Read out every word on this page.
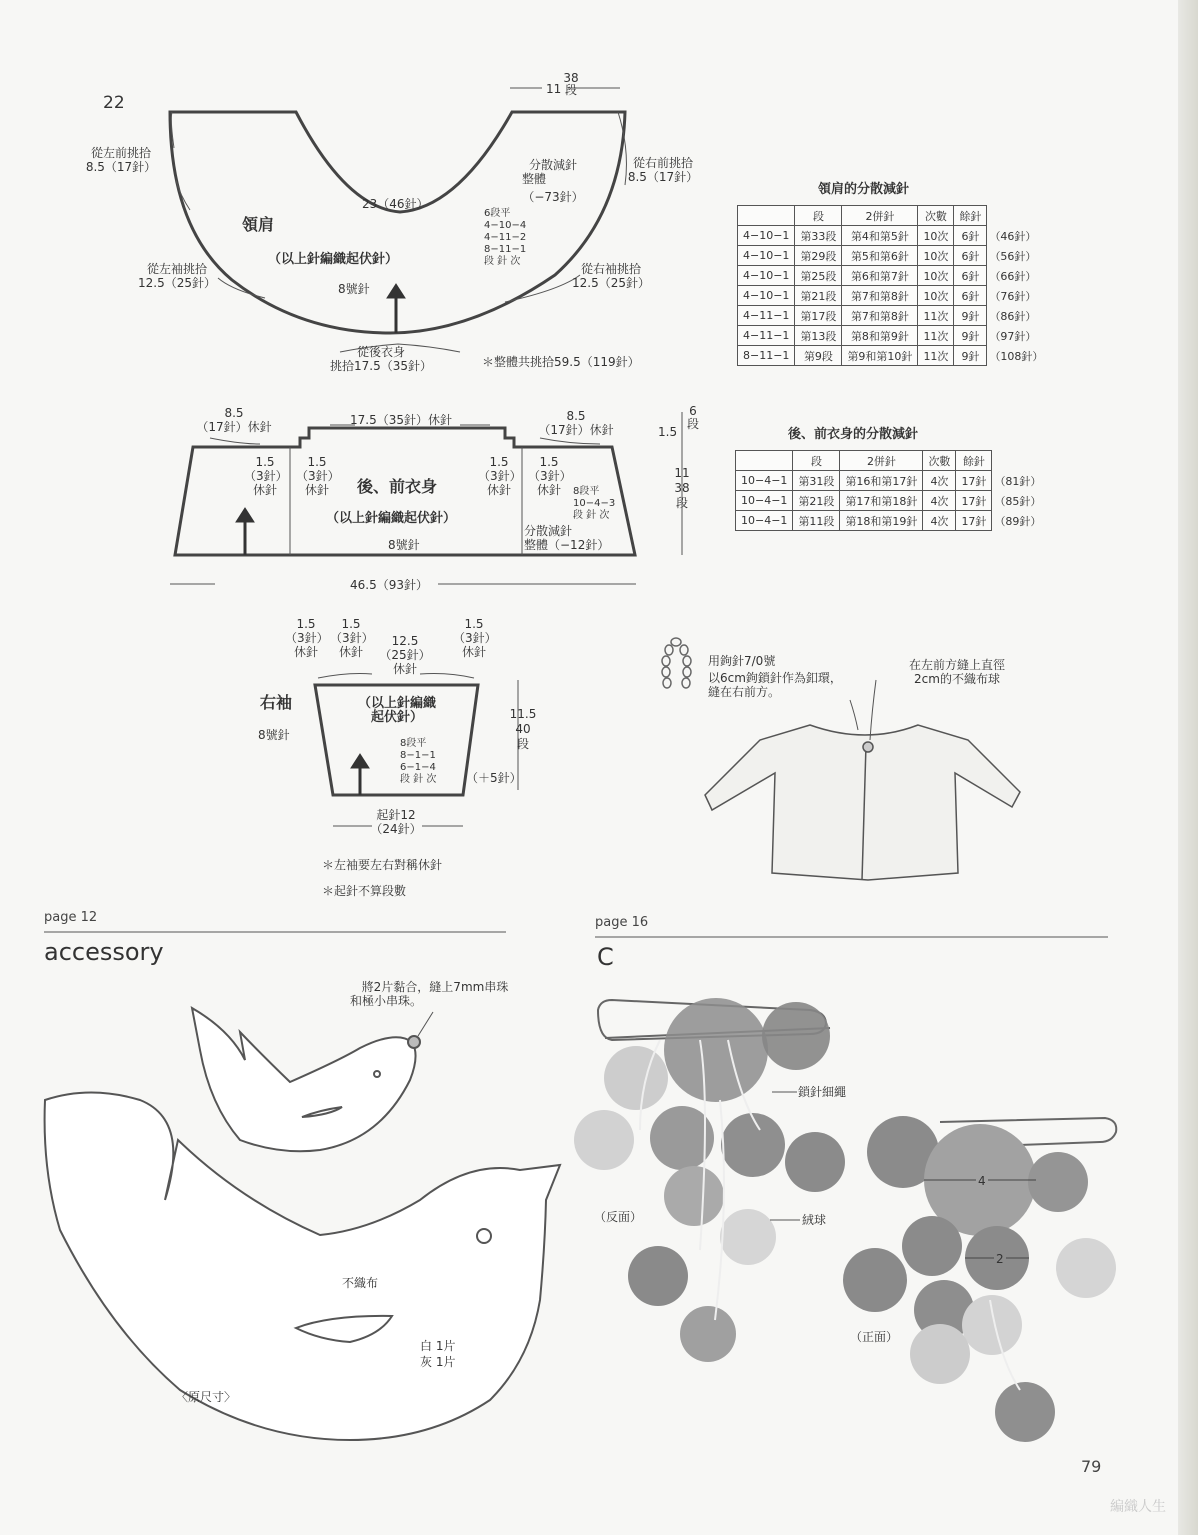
22
11
38
段
從左前挑拾
8.5（17針）	從右前挑拾
8.5（17針）
從左袖挑拾
12.5（25針）
從右袖挑拾
12.5（25針）
從後衣身
挑拾17.5（35針）
23（46針）
分散減針
整體
（−73針）
6段平
4−10−4
4−11−2
8−11−1
段 針 次
領肩
（以上針編織起伏針）
8號針
＊整體共挑拾59.5（119針）
8.5
（17針）休針	17.5（35針）休針	8.5
（17針）休針	1.5
6
段
11
38
段
1.5
（3針）
休針
1.5
（3針）
休針
1.5
（3針）
休針
1.5
（3針）
休針	8段平
10−4−3
段 針 次
分散減針
整體（−12針）
後、前衣身
（以上針編織起伏針）
8號針
46.5（93針）
1.5
（3針）
休針
1.5
（3針）
休針
12.5
（25針）
休針
1.5
（3針）
休針
右袖
8號針
（以上針編織
起伏針）
8段平
8−1−1
6−1−4
段 針 次
11.5
40
段
（＋5針）
起針12
（24針）
＊左袖要左右對稱休針
＊起針不算段數
領肩的分散減針
	段	2併針	次數	餘針	
4−10−1	第33段	第4和第5針	10次	6針	（46針）
4−10−1	第29段	第5和第6針	10次	6針	（56針）
4−10−1	第25段	第6和第7針	10次	6針	（66針）
4−10−1	第21段	第7和第8針	10次	6針	（76針）
4−11−1	第17段	第7和第8針	11次	9針	（86針）
4−11−1	第13段	第8和第9針	11次	9針	（97針）
8−11−1	第9段	第9和第10針	11次	9針	（108針）
後、前衣身的分散減針
	段	2併針	次數	餘針	
10−4−1	第31段	第16和第17針	4次	17針	（81針）
10−4−1	第21段	第17和第18針	4次	17針	（85針）
10−4−1	第11段	第18和第19針	4次	17針	（89針）
用鉤針7/0號
以6cm鉤鎖針作為釦環，
縫在右前方。
在左前方縫上直徑
2cm的不織布球
page 12
accessory
將2片黏合，縫上7mm串珠
和極小串珠。
不織布
白 1片
灰 1片
〈原尺寸〉
page 16
C
鎖針細繩
（反面）	絨球
（正面）
4
2
79
編織人生
